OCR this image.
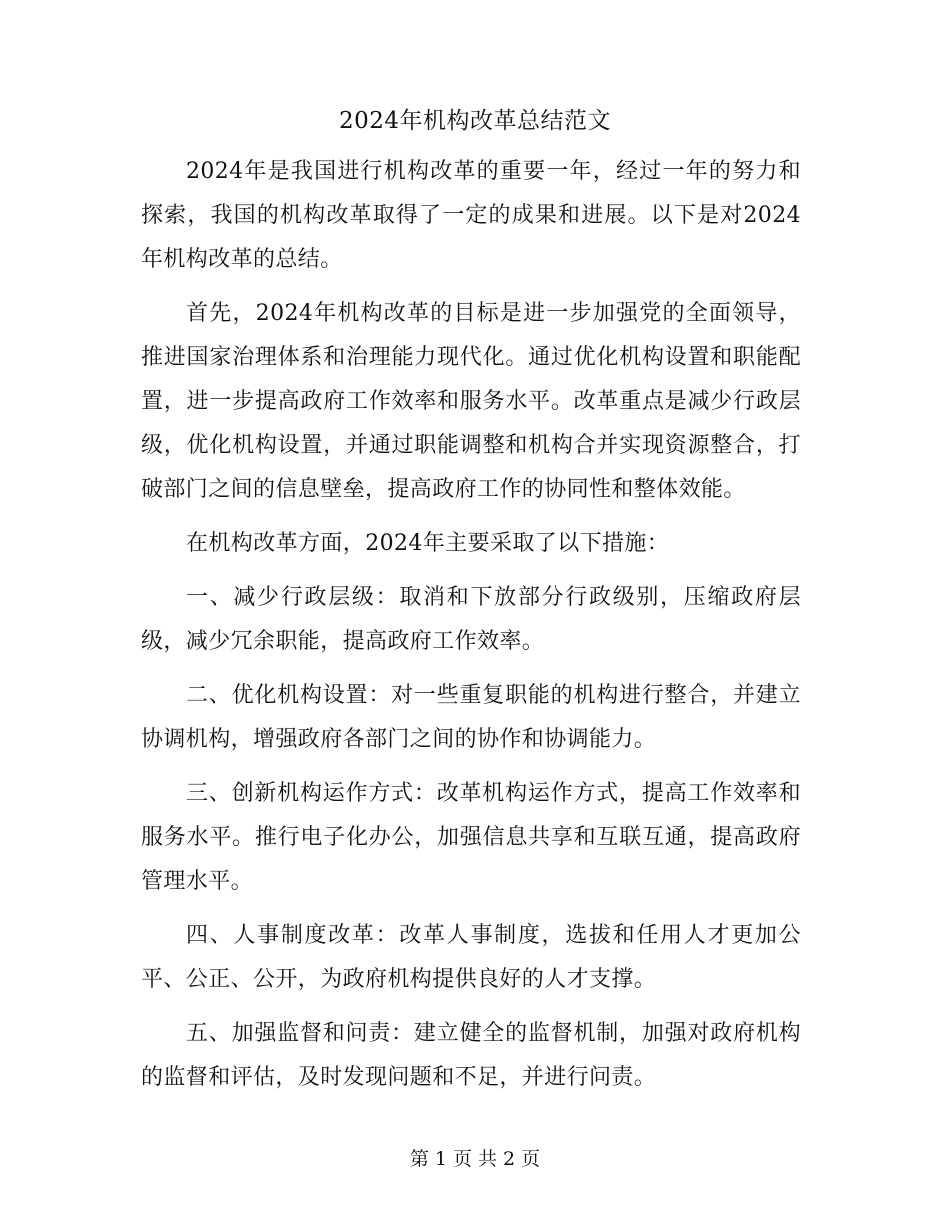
2024年机构改革总结范文

2024年是我国进行机构改革的重要一年，经过一年的努力和探索，我国的机构改革取得了一定的成果和进展。以下是对2024年机构改革的总结。

首先，2024年机构改革的目标是进一步加强党的全面领导，推进国家治理体系和治理能力现代化。通过优化机构设置和职能配置，进一步提高政府工作效率和服务水平。改革重点是减少行政层级，优化机构设置，并通过职能调整和机构合并实现资源整合，打破部门之间的信息壁垒，提高政府工作的协同性和整体效能。

在机构改革方面，2024年主要采取了以下措施：

一、减少行政层级：取消和下放部分行政级别，压缩政府层级，减少冗余职能，提高政府工作效率。

二、优化机构设置：对一些重复职能的机构进行整合，并建立协调机构，增强政府各部门之间的协作和协调能力。

三、创新机构运作方式：改革机构运作方式，提高工作效率和服务水平。推行电子化办公，加强信息共享和互联互通，提高政府管理水平。

四、人事制度改革：改革人事制度，选拔和任用人才更加公平、公正、公开，为政府机构提供良好的人才支撑。

五、加强监督和问责：建立健全的监督机制，加强对政府机构的监督和评估，及时发现问题和不足，并进行问责。

第 1 页 共 2 页
